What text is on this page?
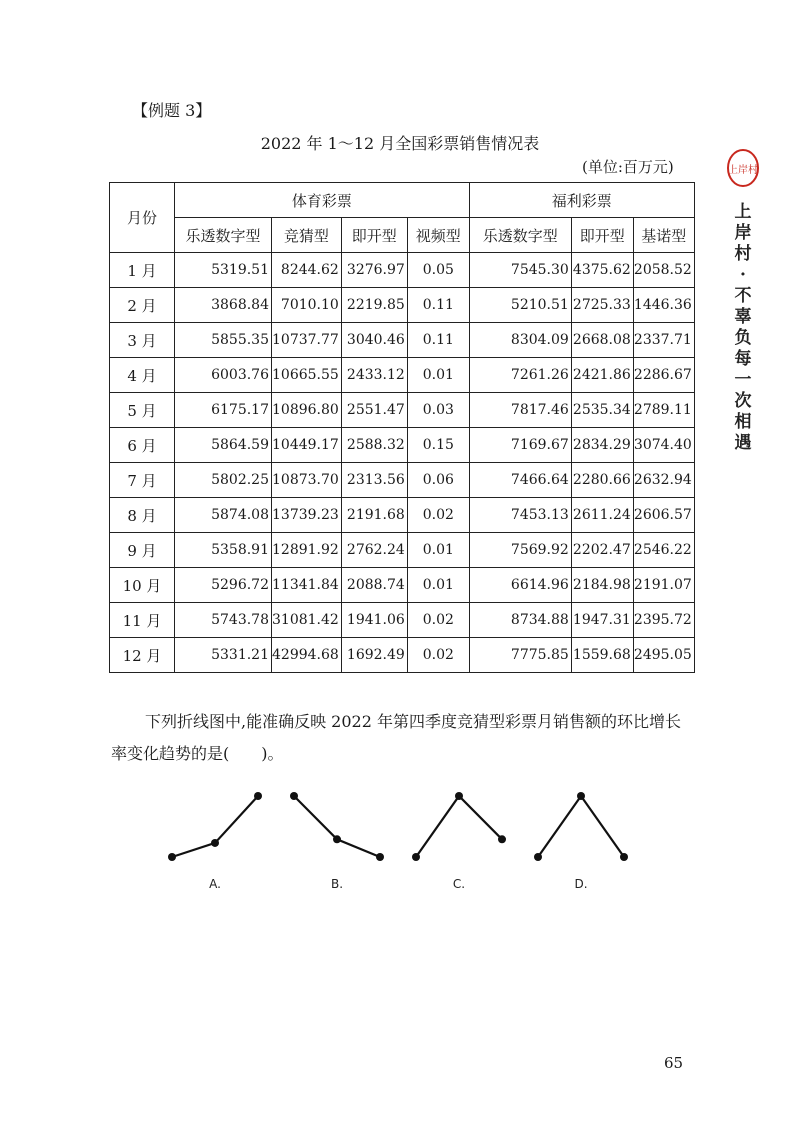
【例题 3】
2022 年 1～12 月全国彩票销售情况表
(单位:百万元)
月份	体育彩票				福利彩票		
	乐透数字型	竞猜型	即开型	视频型	乐透数字型	即开型	基诺型
1 月	5319.51	8244.62	3276.97	0.05	7545.30	4375.62	2058.52
2 月	3868.84	7010.10	2219.85	0.11	5210.51	2725.33	1446.36
3 月	5855.35	10737.77	3040.46	0.11	8304.09	2668.08	2337.71
4 月	6003.76	10665.55	2433.12	0.01	7261.26	2421.86	2286.67
5 月	6175.17	10896.80	2551.47	0.03	7817.46	2535.34	2789.11
6 月	5864.59	10449.17	2588.32	0.15	7169.67	2834.29	3074.40
7 月	5802.25	10873.70	2313.56	0.06	7466.64	2280.66	2632.94
8 月	5874.08	13739.23	2191.68	0.02	7453.13	2611.24	2606.57
9 月	5358.91	12891.92	2762.24	0.01	7569.92	2202.47	2546.22
10 月	5296.72	11341.84	2088.74	0.01	6614.96	2184.98	2191.07
11 月	5743.78	31081.42	1941.06	0.02	8734.88	1947.31	2395.72
12 月	5331.21	42994.68	1692.49	0.02	7775.85	1559.68	2495.05
下列折线图中,能准确反映 2022 年第四季度竞猜型彩票月销售额的环比增长
率变化趋势的是(　　)。
A.	B.	C.	D.
上岸村
上
岸
村
·
不
辜
负
每
一
次
相
遇
65
